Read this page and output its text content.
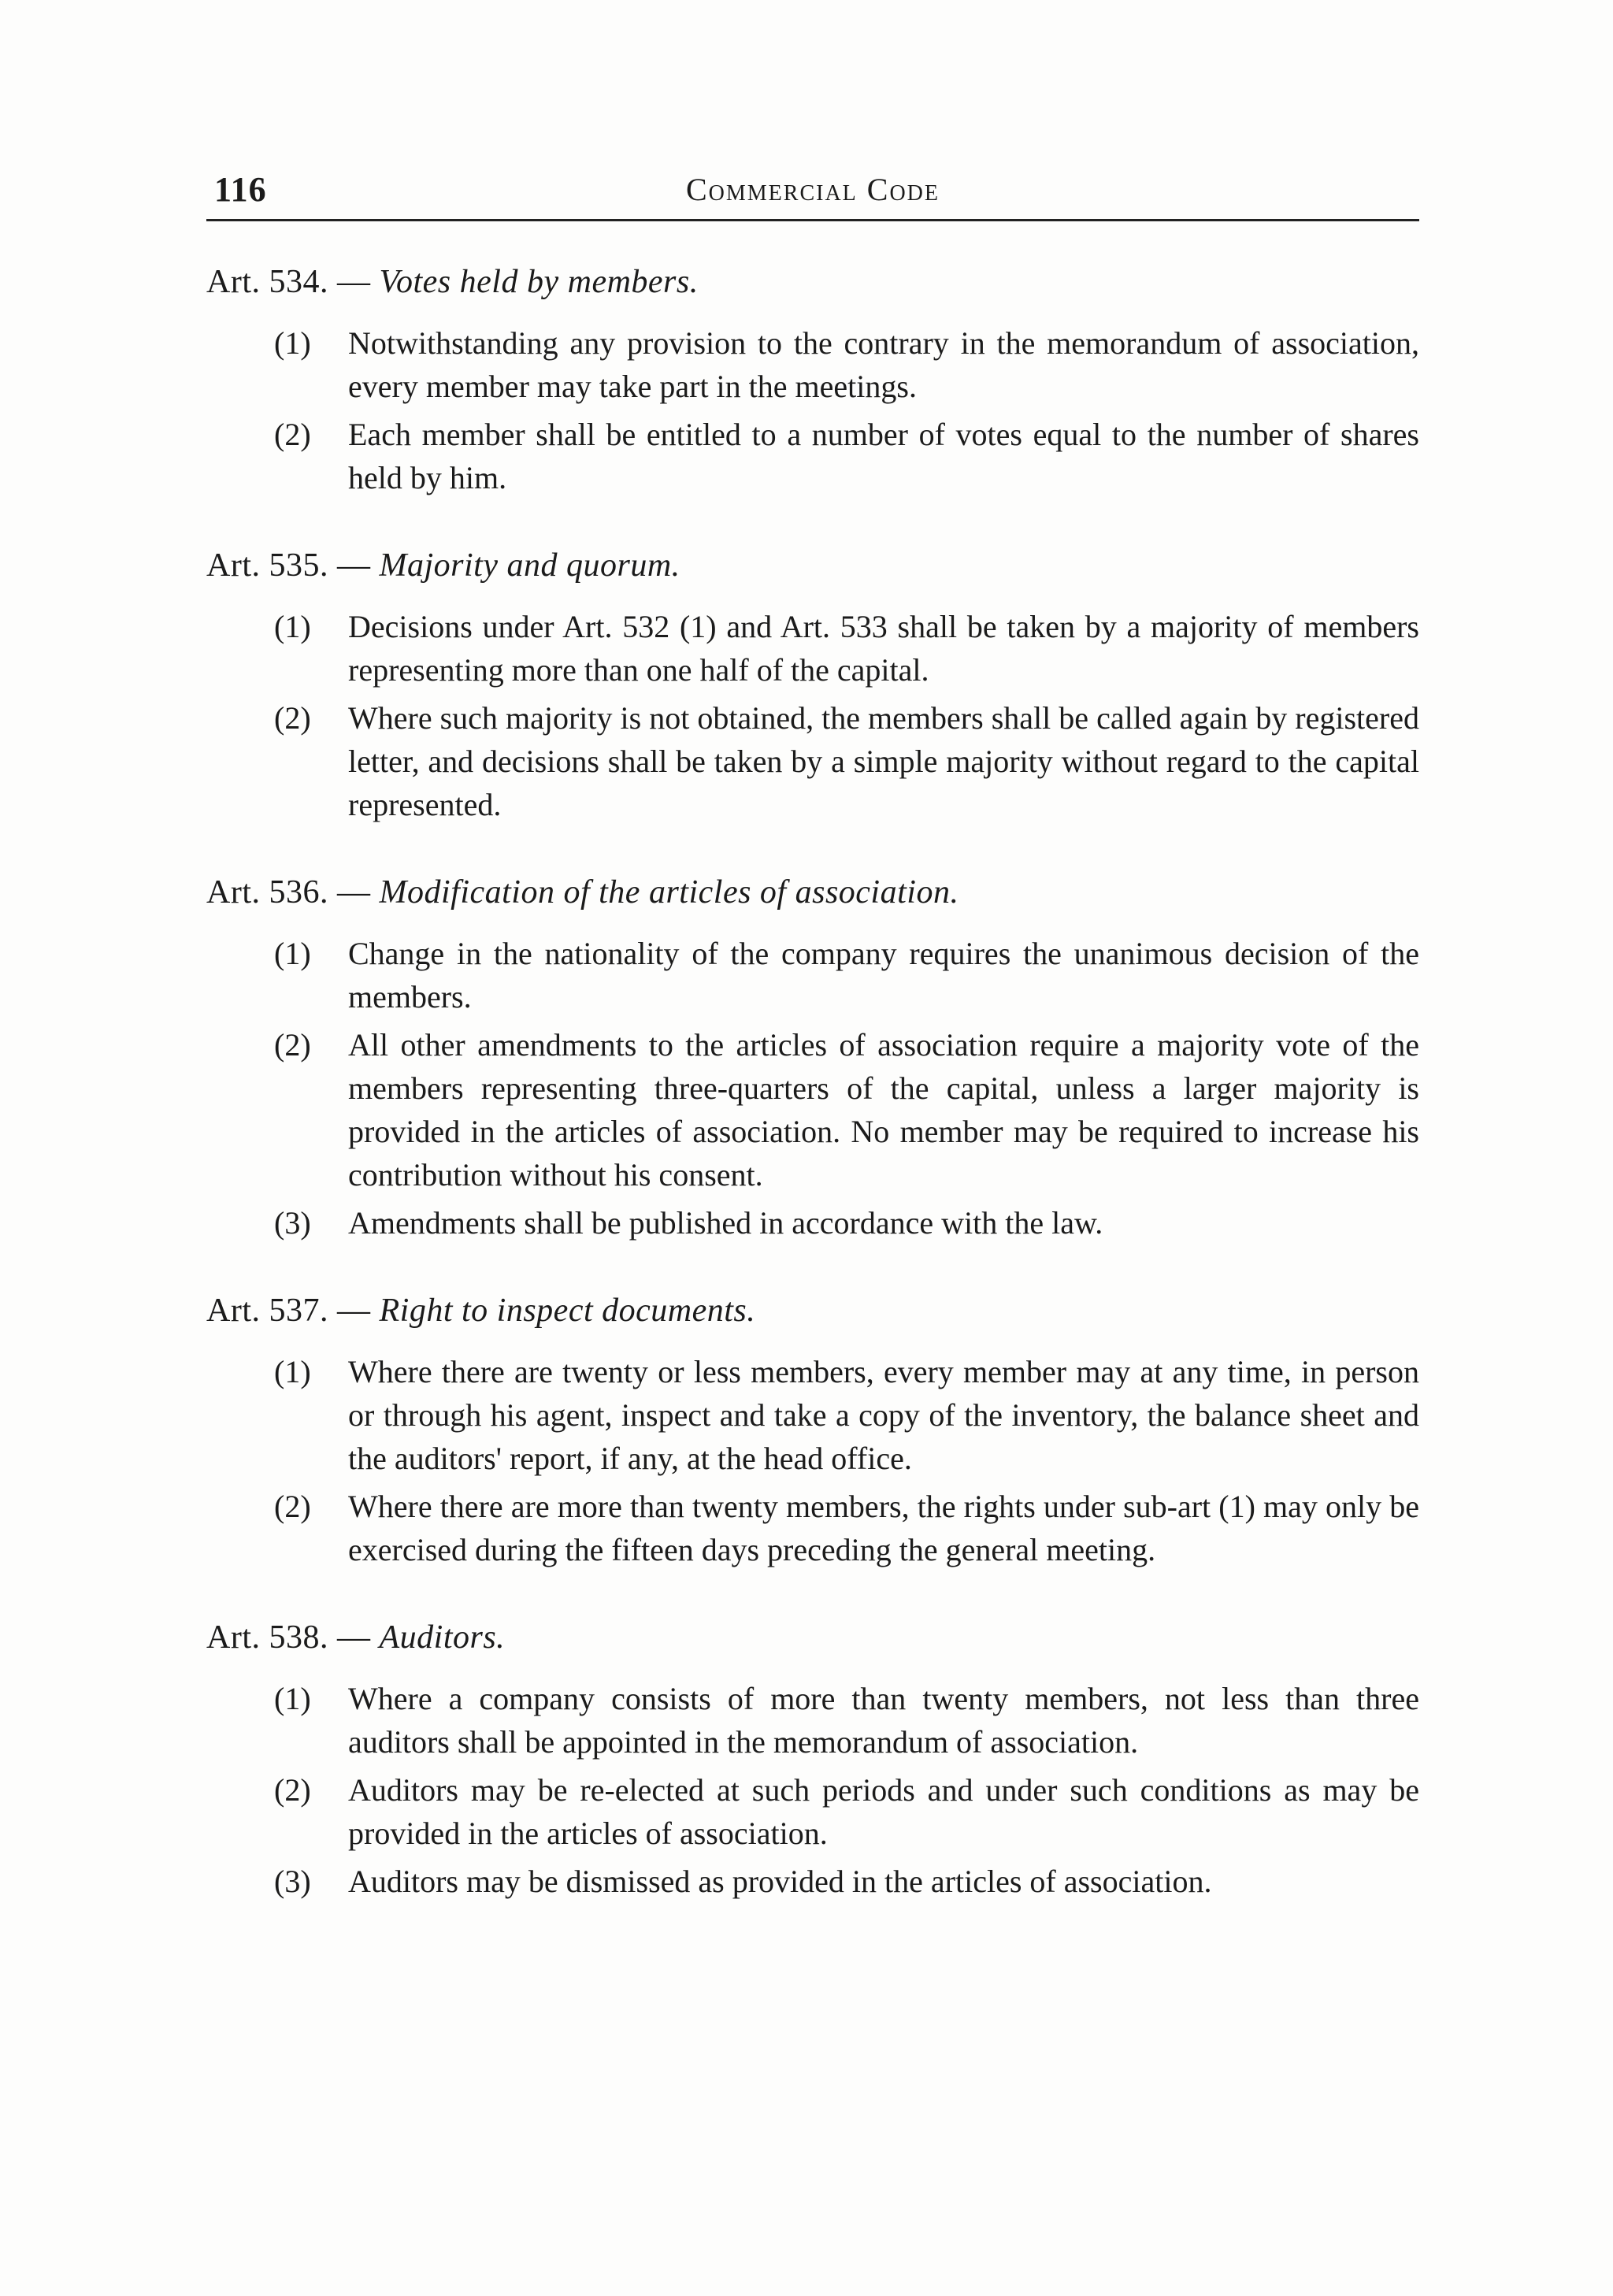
116	Commercial Code
Art. 534. — Votes held by members.
(1) Notwithstanding any provision to the contrary in the memorandum of association, every member may take part in the meetings.
(2) Each member shall be entitled to a number of votes equal to the number of shares held by him.
Art. 535. — Majority and quorum.
(1) Decisions under Art. 532 (1) and Art. 533 shall be taken by a majority of members representing more than one half of the capital.
(2) Where such majority is not obtained, the members shall be called again by registered letter, and decisions shall be taken by a simple majority without regard to the capital represented.
Art. 536. — Modification of the articles of association.
(1) Change in the nationality of the company requires the unanimous decision of the members.
(2) All other amendments to the articles of association require a majority vote of the members representing three-quarters of the capital, unless a larger majority is provided in the articles of association. No member may be required to increase his contribution without his consent.
(3) Amendments shall be published in accordance with the law.
Art. 537. — Right to inspect documents.
(1) Where there are twenty or less members, every member may at any time, in person or through his agent, inspect and take a copy of the inventory, the balance sheet and the auditors' report, if any, at the head office.
(2) Where there are more than twenty members, the rights under sub-art (1) may only be exercised during the fifteen days preceding the general meeting.
Art. 538. — Auditors.
(1) Where a company consists of more than twenty members, not less than three auditors shall be appointed in the memorandum of association.
(2) Auditors may be re-elected at such periods and under such conditions as may be provided in the articles of association.
(3) Auditors may be dismissed as provided in the articles of association.
